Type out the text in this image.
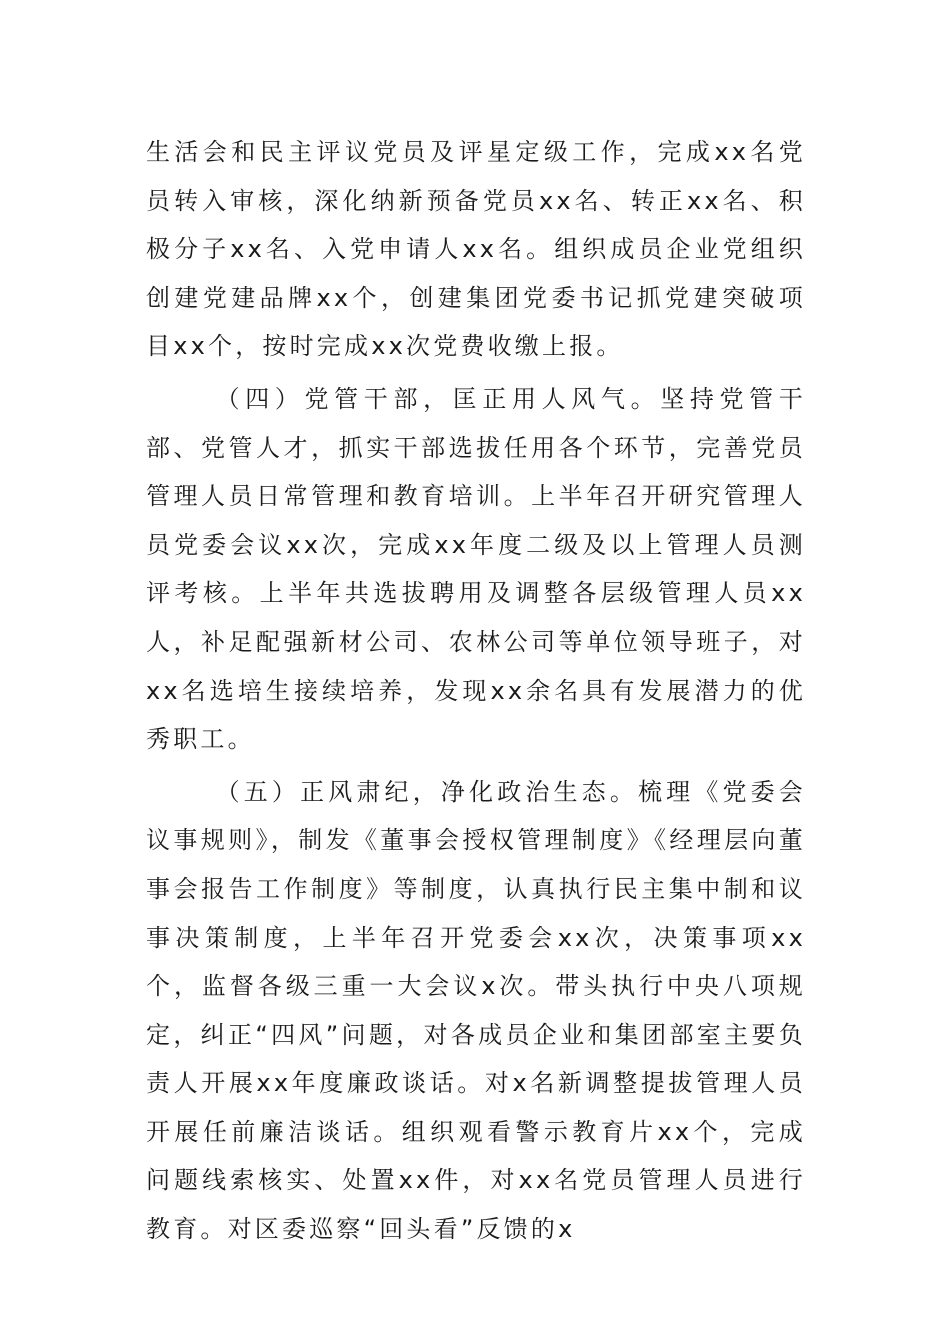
生活会和民主评议党员及评星定级工作，完成xx名党员转入审核，深化纳新预备党员xx名、转正xx名、积极分子xx名、入党申请人xx名。组织成员企业党组织创建党建品牌xx个，创建集团党委书记抓党建突破项目xx个，按时完成xx次党费收缴上报。

（四）党管干部，匡正用人风气。坚持党管干部、党管人才，抓实干部选拔任用各个环节，完善党员管理人员日常管理和教育培训。上半年召开研究管理人员党委会议xx次，完成xx年度二级及以上管理人员测评考核。上半年共选拔聘用及调整各层级管理人员xx人，补足配强新材公司、农林公司等单位领导班子，对xx名选培生接续培养，发现xx余名具有发展潜力的优秀职工。

（五）正风肃纪，净化政治生态。梳理《党委会议事规则》，制发《董事会授权管理制度》《经理层向董事会报告工作制度》等制度，认真执行民主集中制和议事决策制度，上半年召开党委会xx次，决策事项xx个，监督各级三重一大会议x次。带头执行中央八项规定，纠正“四风”问题，对各成员企业和集团部室主要负责人开展xx年度廉政谈话。对x名新调整提拔管理人员开展任前廉洁谈话。组织观看警示教育片xx个，完成问题线索核实、处置xx件，对xx名党员管理人员进行教育。对区委巡察“回头看”反馈的x
